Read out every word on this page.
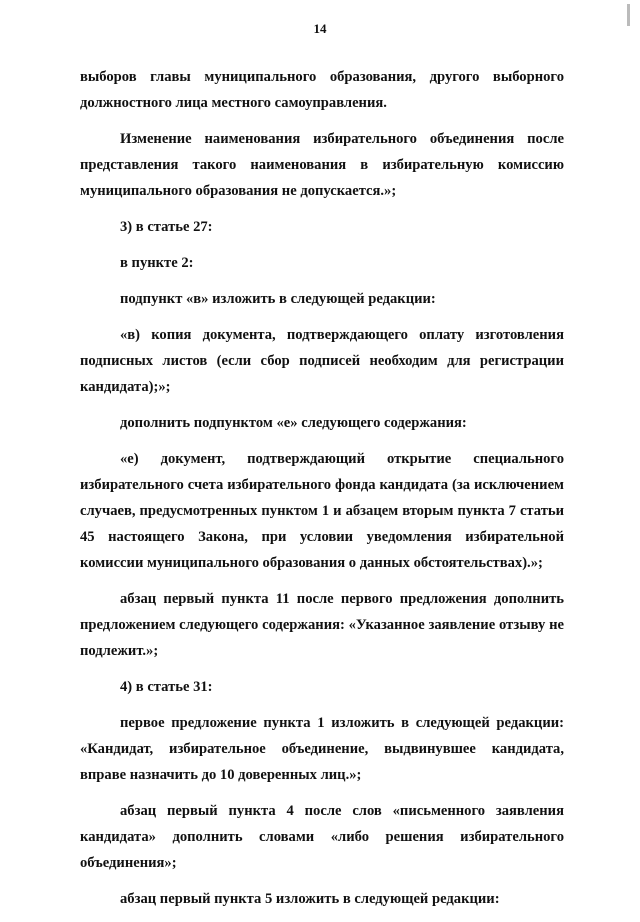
14

выборов главы муниципального образования, другого выборного должностного лица местного самоуправления.

Изменение наименования избирательного объединения после представления такого наименования в избирательную комиссию муниципального образования не допускается.»;

3) в статье 27:

в пункте 2:

подпункт «в» изложить в следующей редакции:

«в) копия документа, подтверждающего оплату изготовления подписных листов (если сбор подписей необходим для регистрации кандидата);»;

дополнить подпунктом «е» следующего содержания:

«е) документ, подтверждающий открытие специального избирательного счета избирательного фонда кандидата (за исключением случаев, предусмотренных пунктом 1 и абзацем вторым пункта 7 статьи 45 настоящего Закона, при условии уведомления избирательной комиссии муниципального образования о данных обстоятельствах).»;

абзац первый пункта 11 после первого предложения дополнить предложением следующего содержания: «Указанное заявление отзыву не подлежит.»;

4) в статье 31:

первое предложение пункта 1 изложить в следующей редакции: «Кандидат, избирательное объединение, выдвинувшее кандидата, вправе назначить до 10 доверенных лиц.»;

абзац первый пункта 4 после слов «письменного заявления кандидата» дополнить словами «либо решения избирательного объединения»;

абзац первый пункта 5 изложить в следующей редакции:
